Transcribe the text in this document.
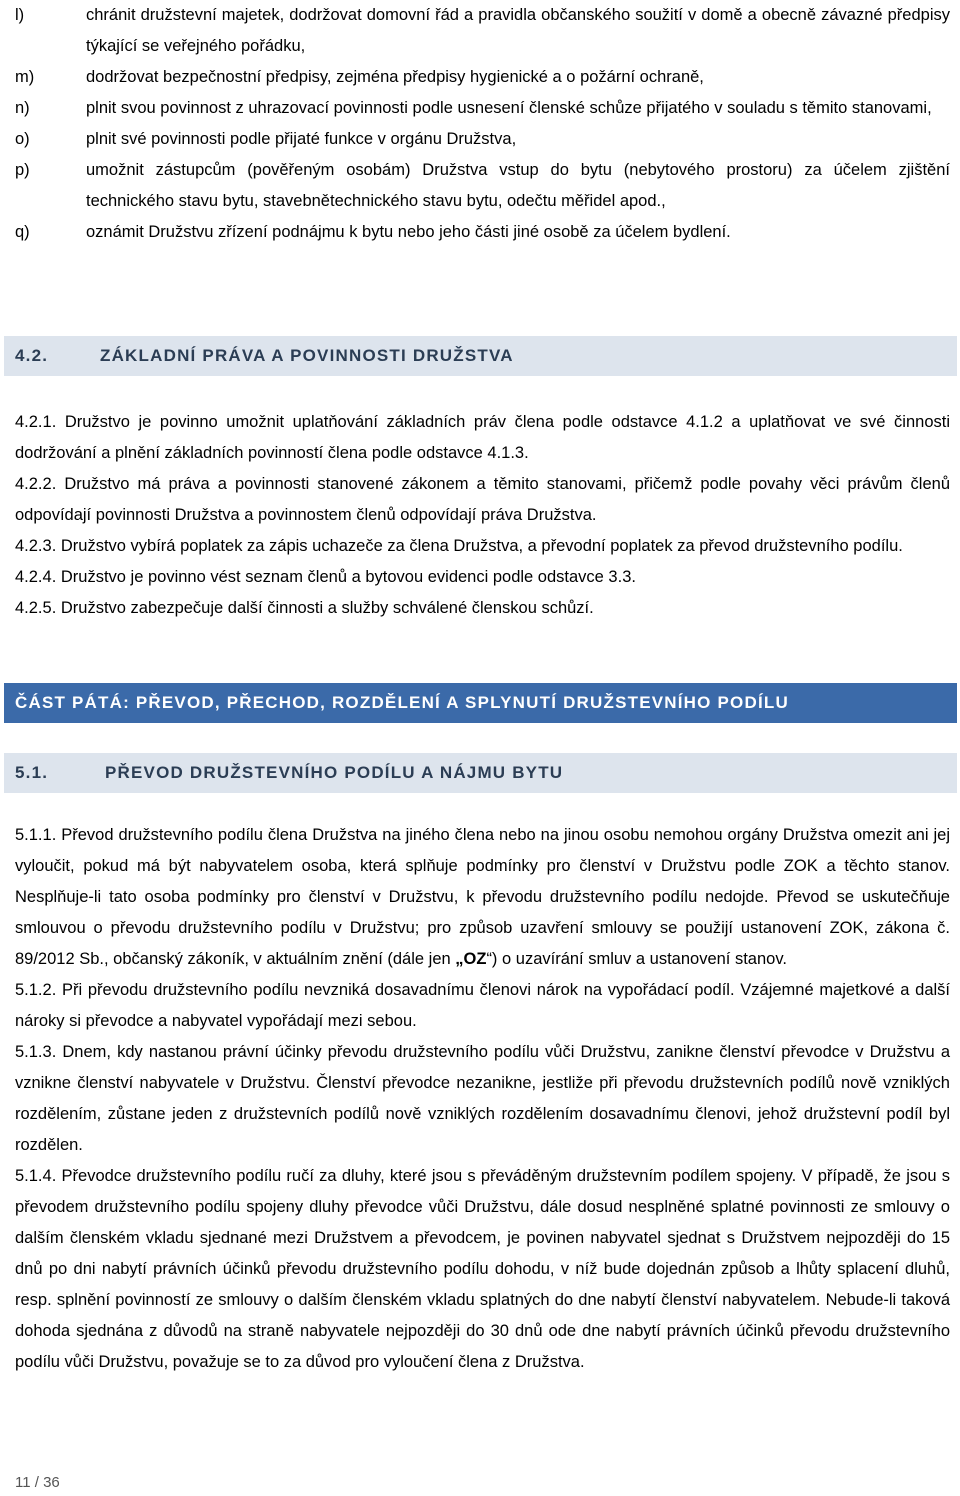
l)	chránit družstevní majetek, dodržovat domovní řád a pravidla občanského soužití v domě a obecně závazné předpisy týkající se veřejného pořádku,
m)	dodržovat bezpečnostní předpisy, zejména předpisy hygienické a o požární ochraně,
n)	plnit svou povinnost z uhrazovací povinnosti podle usnesení členské schůze přijatého v souladu s těmito stanovami,
o)	plnit své povinnosti podle přijaté funkce v orgánu Družstva,
p)	umožnit zástupcům (pověřeným osobám) Družstva vstup do bytu (nebytového prostoru) za účelem zjištění technického stavu bytu, stavebnětechnického stavu bytu, odečtu měřidel apod.,
q)	oznámit Družstvu zřízení podnájmu k bytu nebo jeho části jiné osobě za účelem bydlení.
4.2.	ZÁKLADNÍ PRÁVA A POVINNOSTI DRUŽSTVA
4.2.1. Družstvo je povinno umožnit uplatňování základních práv člena podle odstavce 4.1.2 a uplatňovat ve své činnosti dodržování a plnění základních povinností člena podle odstavce 4.1.3.
4.2.2. Družstvo má práva a povinnosti stanovené zákonem a těmito stanovami, přičemž podle povahy věci právům členů odpovídají povinnosti Družstva a povinnostem členů odpovídají práva Družstva.
4.2.3. Družstvo vybírá poplatek za zápis uchazeče za člena Družstva, a převodní poplatek za převod družstevního podílu.
4.2.4. Družstvo je povinno vést seznam členů a bytovou evidenci podle odstavce 3.3.
4.2.5. Družstvo zabezpečuje další činnosti a služby schválené členskou schůzí.
ČÁST PÁTÁ: PŘEVOD, PŘECHOD, ROZDĚLENÍ A SPLYNUTÍ DRUŽSTEVNÍHO PODÍLU
5.1.	PŘEVOD DRUŽSTEVNÍHO PODÍLU A NÁJMU BYTU
5.1.1. Převod družstevního podílu člena Družstva na jiného člena nebo na jinou osobu nemohou orgány Družstva omezit ani jej vyloučit, pokud má být nabyvatelem osoba, která splňuje podmínky pro členství v Družstvu podle ZOK a těchto stanov. Nesplňuje-li tato osoba podmínky pro členství v Družstvu, k převodu družstevního podílu nedojde. Převod se uskutečňuje smlouvou o převodu družstevního podílu v Družstvu; pro způsob uzavření smlouvy se použijí ustanovení ZOK, zákona č. 89/2012 Sb., občanský zákoník, v aktuálním znění (dále jen „OZ“) o uzavírání smluv a ustanovení stanov.
5.1.2. Při převodu družstevního podílu nevzniká dosavadnímu členovi nárok na vypořádací podíl. Vzájemné majetkové a další nároky si převodce a nabyvatel vypořádají mezi sebou.
5.1.3. Dnem, kdy nastanou právní účinky převodu družstevního podílu vůči Družstvu, zanikne členství převodce v Družstvu a vznikne členství nabyvatele v Družstvu. Členství převodce nezanikne, jestliže při převodu družstevních podílů nově vzniklých rozdělením, zůstane jeden z družstevních podílů nově vzniklých rozdělením dosavadnímu členovi, jehož družstevní podíl byl rozdělen.
5.1.4. Převodce družstevního podílu ručí za dluhy, které jsou s převáděným družstevním podílem spojeny. V případě, že jsou s převodem družstevního podílu spojeny dluhy převodce vůči Družstvu, dále dosud nesplněné splatné povinnosti ze smlouvy o dalším členském vkladu sjednané mezi Družstvem a převodcem, je povinen nabyvatel sjednat s Družstvem nejpozději do 15 dnů po dni nabytí právních účinků převodu družstevního podílu dohodu, v níž bude dojednán způsob a lhůty splacení dluhů, resp. splnění povinností ze smlouvy o dalším členském vkladu splatných do dne nabytí členství nabyvatelem. Nebude-li taková dohoda sjednána z důvodů na straně nabyvatele nejpozději do 30 dnů ode dne nabytí právních účinků převodu družstevního podílu vůči Družstvu, považuje se to za důvod pro vyloučení člena z Družstva.
11 / 36
